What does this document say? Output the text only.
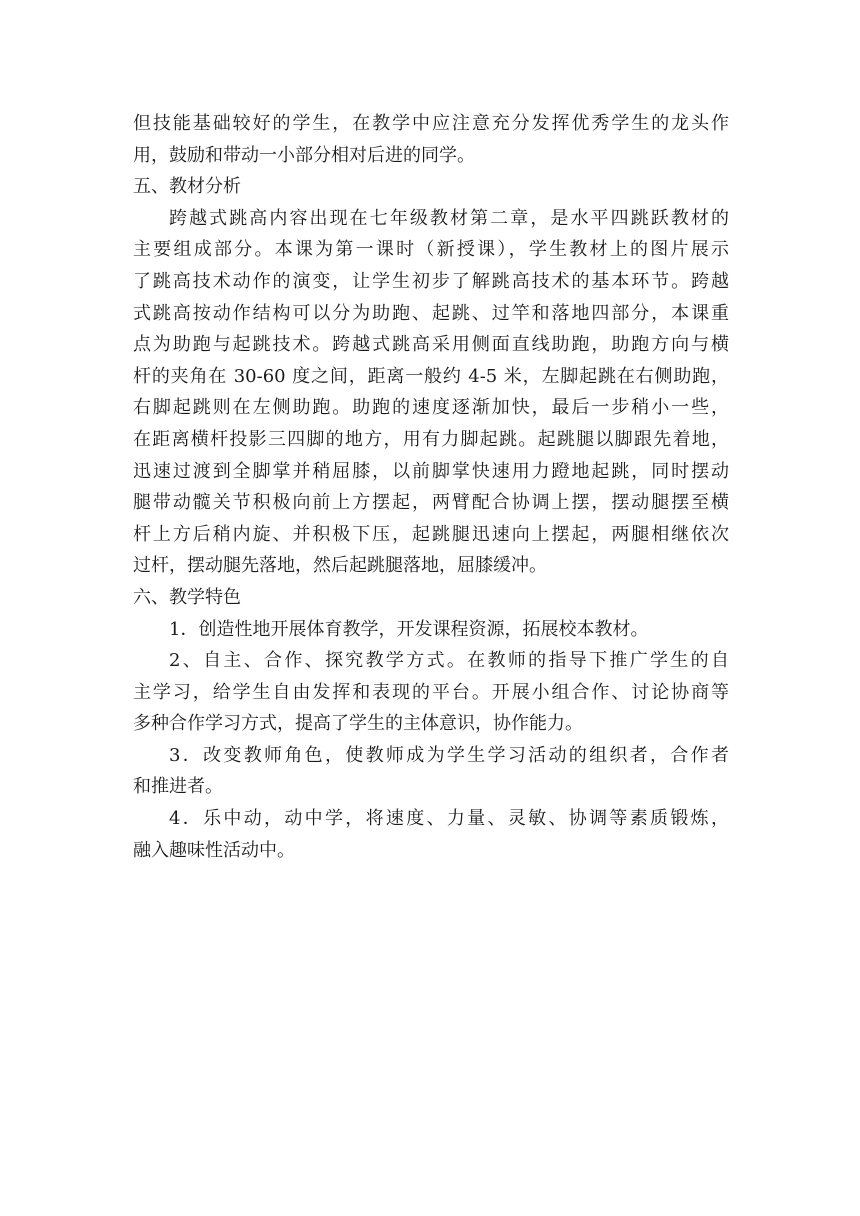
但技能基础较好的学生，在教学中应注意充分发挥优秀学生的龙头作
用，鼓励和带动一小部分相对后进的同学。
五、教材分析
跨越式跳高内容出现在七年级教材第二章，是水平四跳跃教材的
主要组成部分。本课为第一课时（新授课），学生教材上的图片展示
了跳高技术动作的演变，让学生初步了解跳高技术的基本环节。跨越
式跳高按动作结构可以分为助跑、起跳、过竿和落地四部分，本课重
点为助跑与起跳技术。跨越式跳高采用侧面直线助跑，助跑方向与横
杆的夹角在 30-60 度之间，距离一般约 4-5 米，左脚起跳在右侧助跑，
右脚起跳则在左侧助跑。助跑的速度逐渐加快，最后一步稍小一些，
在距离横杆投影三四脚的地方，用有力脚起跳。起跳腿以脚跟先着地，
迅速过渡到全脚掌并稍屈膝，以前脚掌快速用力蹬地起跳，同时摆动
腿带动髋关节积极向前上方摆起，两臂配合协调上摆，摆动腿摆至横
杆上方后稍内旋、并积极下压，起跳腿迅速向上摆起，两腿相继依次
过杆，摆动腿先落地，然后起跳腿落地，屈膝缓冲。
六、教学特色
1．创造性地开展体育教学，开发课程资源，拓展校本教材。
2、自主、合作、探究教学方式。在教师的指导下推广学生的自
主学习，给学生自由发挥和表现的平台。开展小组合作、讨论协商等
多种合作学习方式，提高了学生的主体意识，协作能力。
3．改变教师角色，使教师成为学生学习活动的组织者，合作者
和推进者。
4．乐中动，动中学，将速度、力量、灵敏、协调等素质锻炼，
融入趣味性活动中。
